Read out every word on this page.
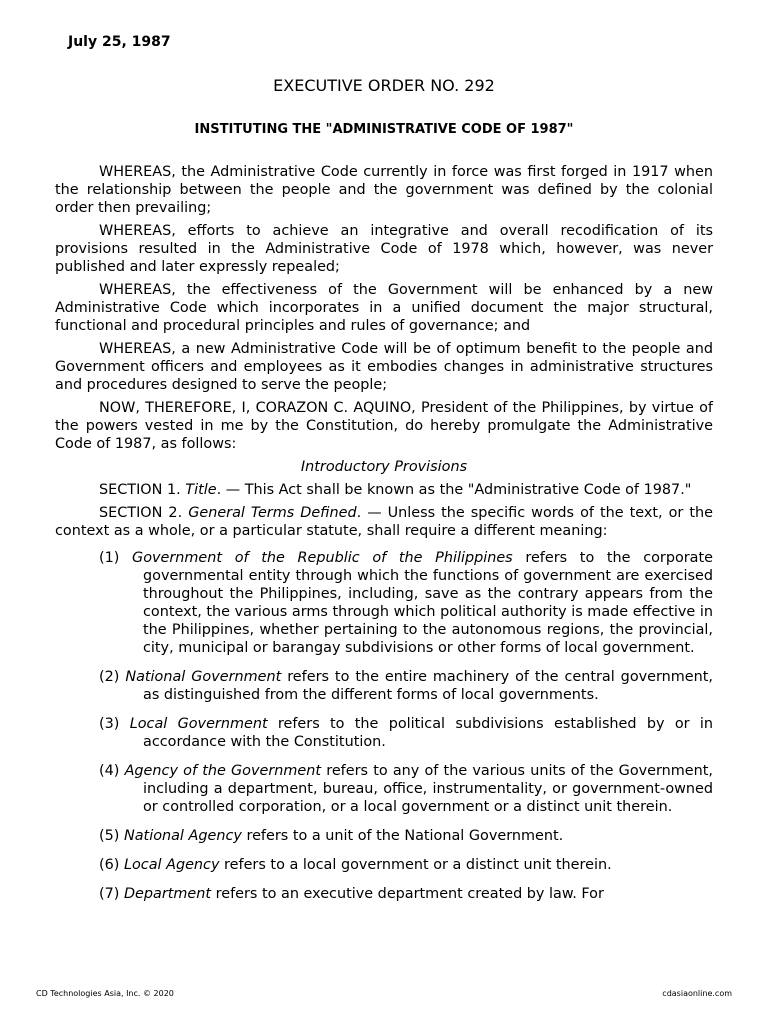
July 25, 1987
EXECUTIVE ORDER NO. 292
INSTITUTING THE "ADMINISTRATIVE CODE OF 1987"

WHEREAS, the Administrative Code currently in force was first forged in 1917 when the relationship between the people and the government was defined by the colonial order then prevailing;

WHEREAS, efforts to achieve an integrative and overall recodification of its provisions resulted in the Administrative Code of 1978 which, however, was never published and later expressly repealed;

WHEREAS, the effectiveness of the Government will be enhanced by a new Administrative Code which incorporates in a unified document the major structural, functional and procedural principles and rules of governance; and

WHEREAS, a new Administrative Code will be of optimum benefit to the people and Government officers and employees as it embodies changes in administrative structures and procedures designed to serve the people;

NOW, THEREFORE, I, CORAZON C. AQUINO, President of the Philippines, by virtue of the powers vested in me by the Constitution, do hereby promulgate the Administrative Code of 1987, as follows:

Introductory Provisions

SECTION 1. Title. — This Act shall be known as the "Administrative Code of 1987."

SECTION 2. General Terms Defined. — Unless the specific words of the text, or the context as a whole, or a particular statute, shall require a different meaning:

(1) Government of the Republic of the Philippines refers to the corporate governmental entity through which the functions of government are exercised throughout the Philippines, including, save as the contrary appears from the context, the various arms through which political authority is made effective in the Philippines, whether pertaining to the autonomous regions, the provincial, city, municipal or barangay subdivisions or other forms of local government.
(2) National Government refers to the entire machinery of the central government, as distinguished from the different forms of local governments.
(3) Local Government refers to the political subdivisions established by or in accordance with the Constitution.
(4) Agency of the Government refers to any of the various units of the Government, including a department, bureau, office, instrumentality, or government-owned or controlled corporation, or a local government or a distinct unit therein.
(5) National Agency refers to a unit of the National Government.
(6) Local Agency refers to a local government or a distinct unit therein.
(7) Department refers to an executive department created by law. For
CD Technologies Asia, Inc. © 2020	cdasiaonline.com
